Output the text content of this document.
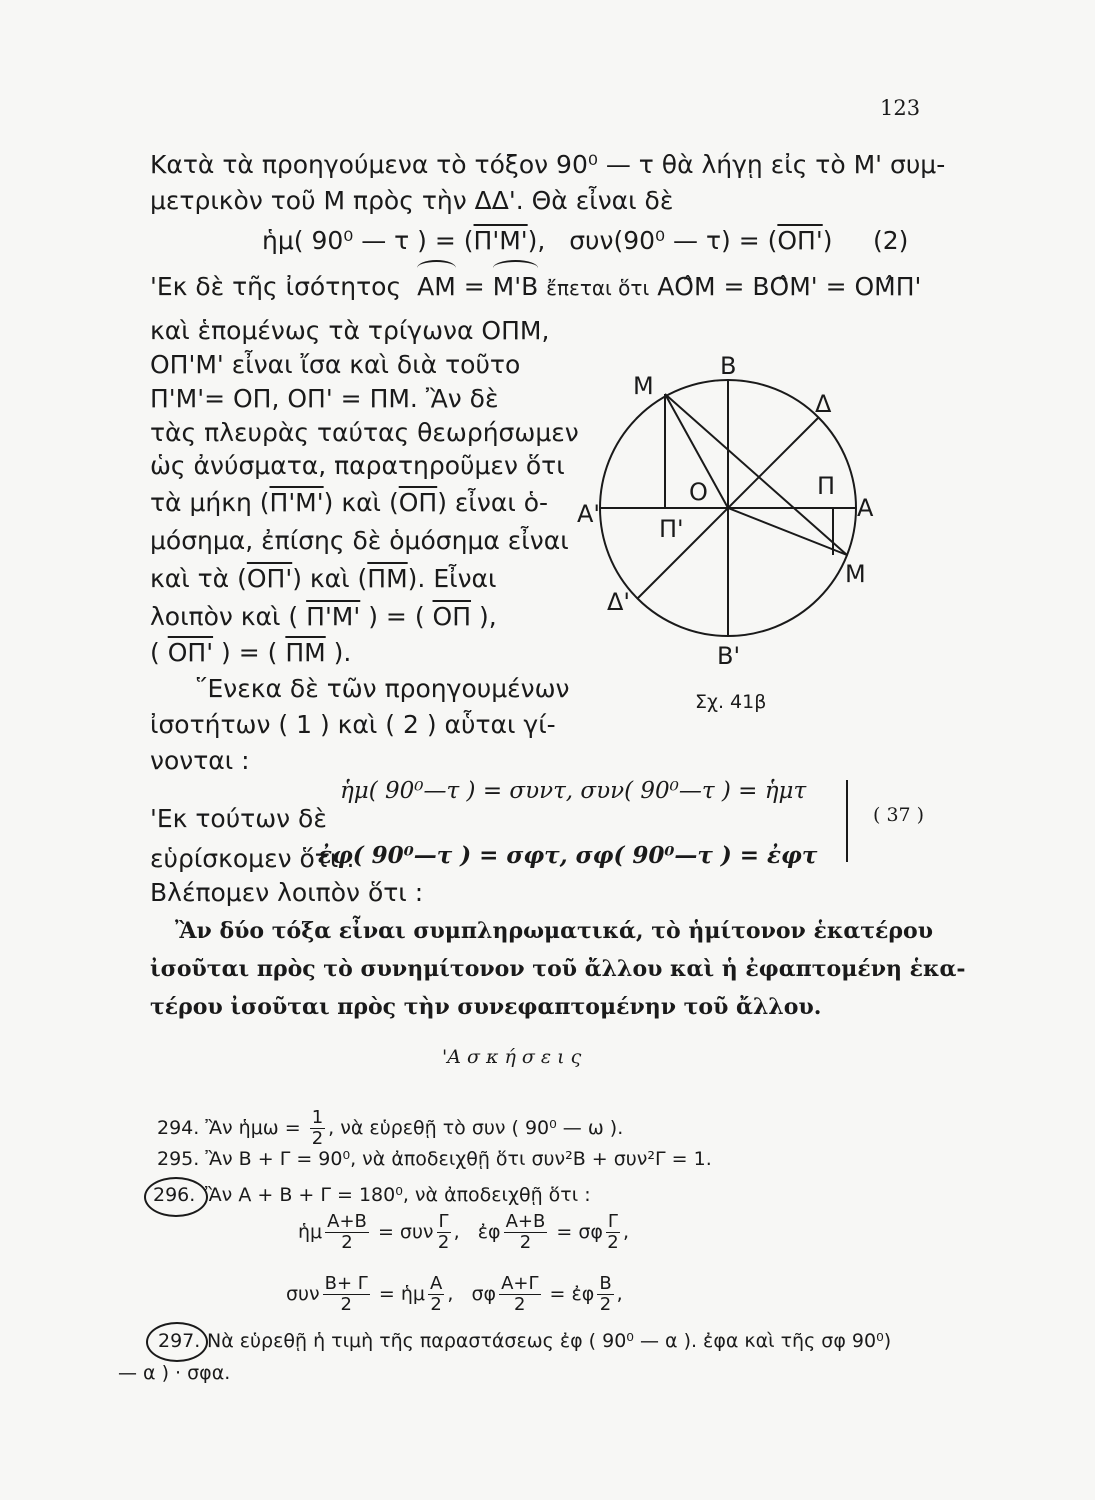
123
Κατὰ τὰ προηγούμενα τὸ τόξον 90⁰ — τ θὰ λήγῃ εἰς τὸ Μ' συμ-
μετρικὸν τοῦ Μ πρὸς τὴν ΔΔ'. Θὰ εἶναι δὲ
ἡμ( 90⁰ — τ ) = (Π'Μ'), συν(90⁰ — τ) = (ΟΠ') (2)
'Εκ δὲ τῆς ἰσότητος ΑΜ = Μ'Β ἔπεται ὅτι ΑΟ̂Μ = ΒΟ̂Μ' = ΟΜ̂Π'
καὶ ἑπομένως τὰ τρίγωνα ΟΠΜ,
ΟΠ'Μ' εἶναι ἴσα καὶ διὰ τοῦτο
Π'Μ'= ΟΠ, ΟΠ' = ΠΜ. Ἂν δὲ
τὰς πλευρὰς ταύτας θεωρήσωμεν
ὡς ἀνύσματα, παρατηροῦμεν ὅτι
τὰ μήκη (Π'Μ') καὶ $(\overline{O\Pi})$ εἶναι ὁ-
μόσημα, ἐπίσης δὲ ὁμόσημα εἶναι
καὶ τὰ (ΟΠ') καὶ $(\overline{\Pi M})$. Εἶναι
λοιπὸν καὶ ( Π'Μ' ) = ( $\overline{O\Pi}$ ),
( ΟΠ' ) = ( $\overline{\Pi M}$ ).
῞Ενεκα δὲ τῶν προηγουμένων
ἰσοτήτων ( 1 ) καὶ ( 2 ) αὗται γί-
νονται :
Β
Μ
Δ
Ο	Π
Α'
Π'
Α
Μ
Δ'
Β'
Σχ. 41β
'Εκ τούτων δὲ
εὑρίσκομεν ὅτι :
ἡμ( 90⁰—τ ) = συντ, συν( 90⁰—τ ) = ἡμτ
ἐφ( 90⁰—τ ) = σφτ, σφ( 90⁰—τ ) = ἐφτ
( 37 )
Βλέπομεν λοιπὸν ὅτι :
Ἂν δύο τόξα εἶναι συμπληρωματικά, τὸ ἡμίτονον ἑκατέρου
ἰσοῦται πρὸς τὸ συνημίτονον τοῦ ἄλλου καὶ ἡ ἐφαπτομένη ἑκα-
τέρου ἰσοῦται πρὸς τὴν συνεφαπτομένην τοῦ ἄλλου.
'Α σ κ ή σ ε ι ς
294. Ἂν ἡμω = $\frac{1}{2}$ , νὰ εὑρεθῇ τὸ συν ( 90⁰ — ω ).
295. Ἂν Β + Γ = 90⁰, νὰ ἀποδειχθῇ ὅτι συν²Β + συν²Γ = 1.
296. Ἂν Α + Β + Γ = 180⁰, νὰ ἀποδειχθῇ ὅτι :
ἡμ $\frac{A+B}{2} = \sigma\upsilon\nu \frac{\Gamma}{2}$ , ἐφ $\frac{A+B}{2} = \sigma\varphi \frac{\Gamma}{2}$ ,
συν $\frac{B+ \Gamma}{2}$ = ἡμ $\frac{A}{2}$ , σφ $\frac{A+\Gamma}{2}$ = ἐφ $\frac{B}{2}$ ,
297. Νὰ εὑρεθῇ ἡ τιμὴ τῆς παραστάσεως ἐφ ( 90⁰ — α ). ἐφα καὶ τῆς σφ 90⁰)
— α ) · σφα.
